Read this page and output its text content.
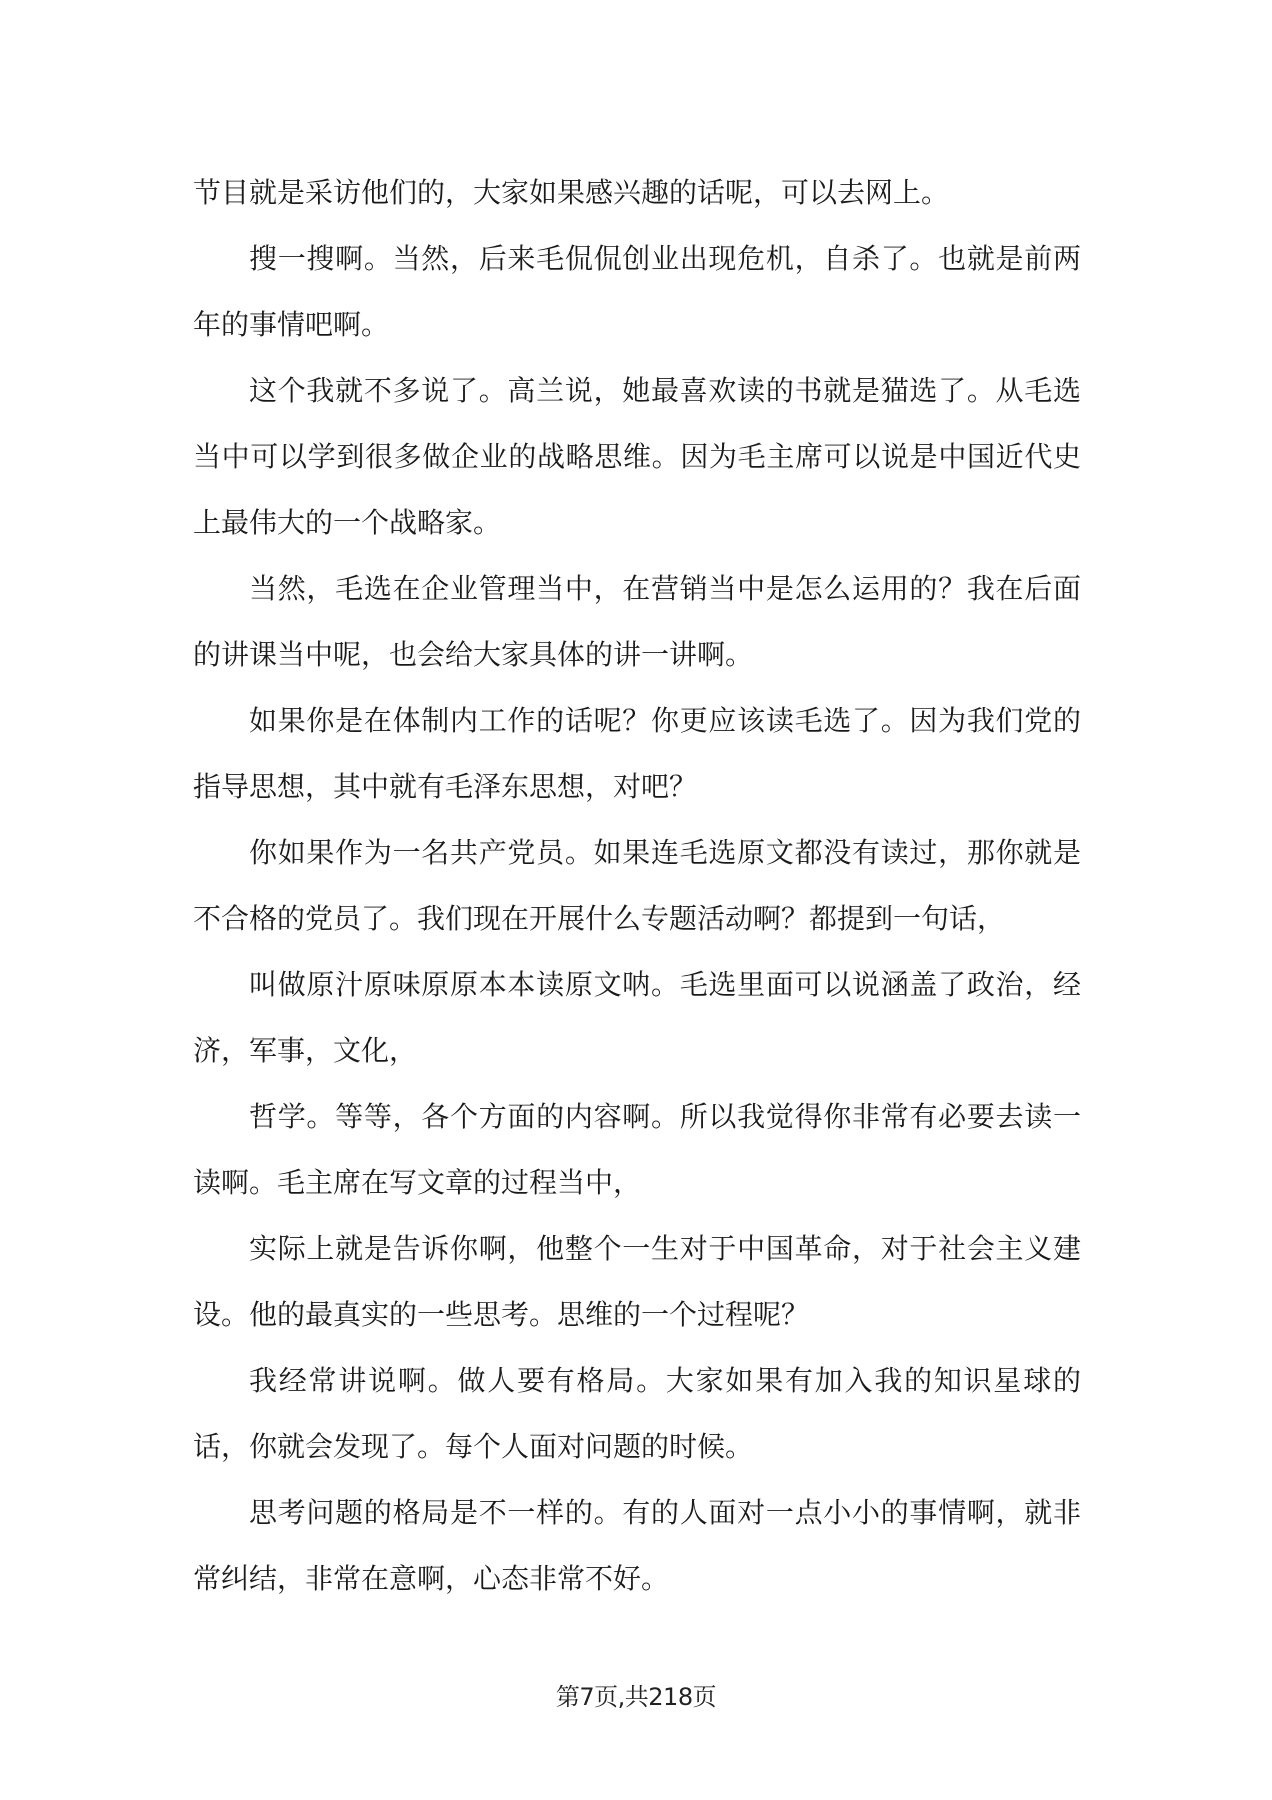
节目就是采访他们的，大家如果感兴趣的话呢，可以去网上。

搜一搜啊。当然，后来毛侃侃创业出现危机，自杀了。也就是前两年的事情吧啊。

这个我就不多说了。高兰说，她最喜欢读的书就是猫选了。从毛选当中可以学到很多做企业的战略思维。因为毛主席可以说是中国近代史上最伟大的一个战略家。

当然，毛选在企业管理当中，在营销当中是怎么运用的？我在后面的讲课当中呢，也会给大家具体的讲一讲啊。

如果你是在体制内工作的话呢？你更应该读毛选了。因为我们党的指导思想，其中就有毛泽东思想，对吧？

你如果作为一名共产党员。如果连毛选原文都没有读过，那你就是不合格的党员了。我们现在开展什么专题活动啊？都提到一句话，

叫做原汁原味原原本本读原文呐。毛选里面可以说涵盖了政治，经济，军事，文化，

哲学。等等，各个方面的内容啊。所以我觉得你非常有必要去读一读啊。毛主席在写文章的过程当中，

实际上就是告诉你啊，他整个一生对于中国革命，对于社会主义建设。他的最真实的一些思考。思维的一个过程呢？

我经常讲说啊。做人要有格局。大家如果有加入我的知识星球的话，你就会发现了。每个人面对问题的时候。

思考问题的格局是不一样的。有的人面对一点小小的事情啊，就非常纠结，非常在意啊，心态非常不好。

第7页,共218页
